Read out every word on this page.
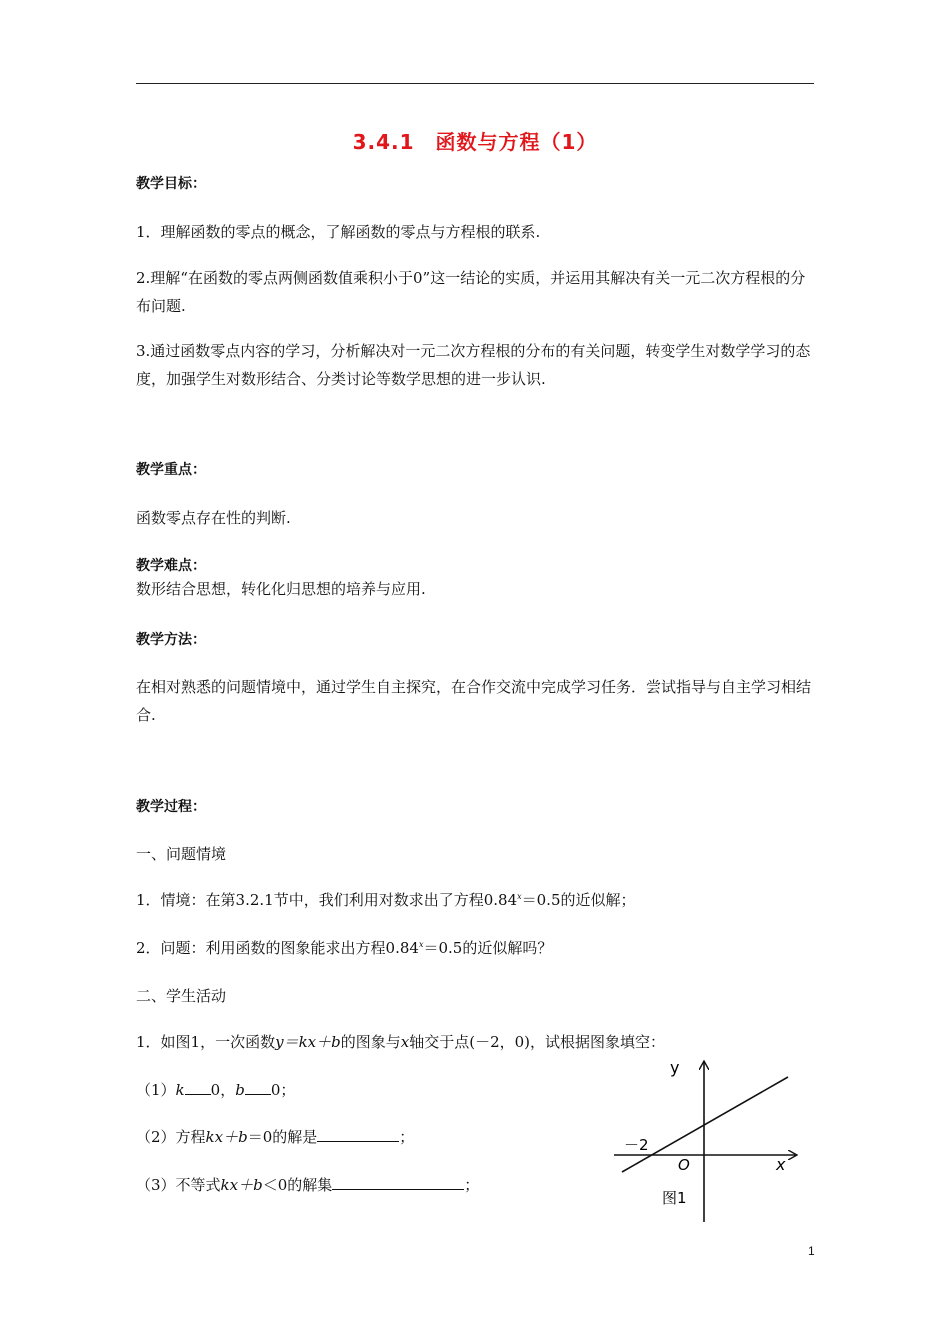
3.4.1　函数与方程（1）
教学目标：
1．理解函数的零点的概念，了解函数的零点与方程根的联系.
2.理解“在函数的零点两侧函数值乘积小于0”这一结论的实质，并运用其解决有关一元二次方程根的分布问题.
3.通过函数零点内容的学习，分析解决对一元二次方程根的分布的有关问题，转变学生对数学学习的态度，加强学生对数形结合、分类讨论等数学思想的进一步认识.
教学重点：
函数零点存在性的判断.
教学难点：
数形结合思想，转化化归思想的培养与应用.
教学方法：
在相对熟悉的问题情境中，通过学生自主探究，在合作交流中完成学习任务．尝试指导与自主学习相结合.
教学过程：
一、问题情境
1．情境：在第3.2.1节中，我们利用对数求出了方程$0.84^x=0.5$的近似解；
2．问题：利用函数的图象能求出方程$0.84^x=0.5$的近似解吗？
二、学生活动
1．如图1，一次函数y＝kx＋b的图象与x轴交于点(－2，0)，试根据图象填空：
（1）k 0，b 0；
（2）方程kx＋b＝0的解是	；
（3）不等式kx＋b＜0的解集	；
y
x
O
－2
图1
1
